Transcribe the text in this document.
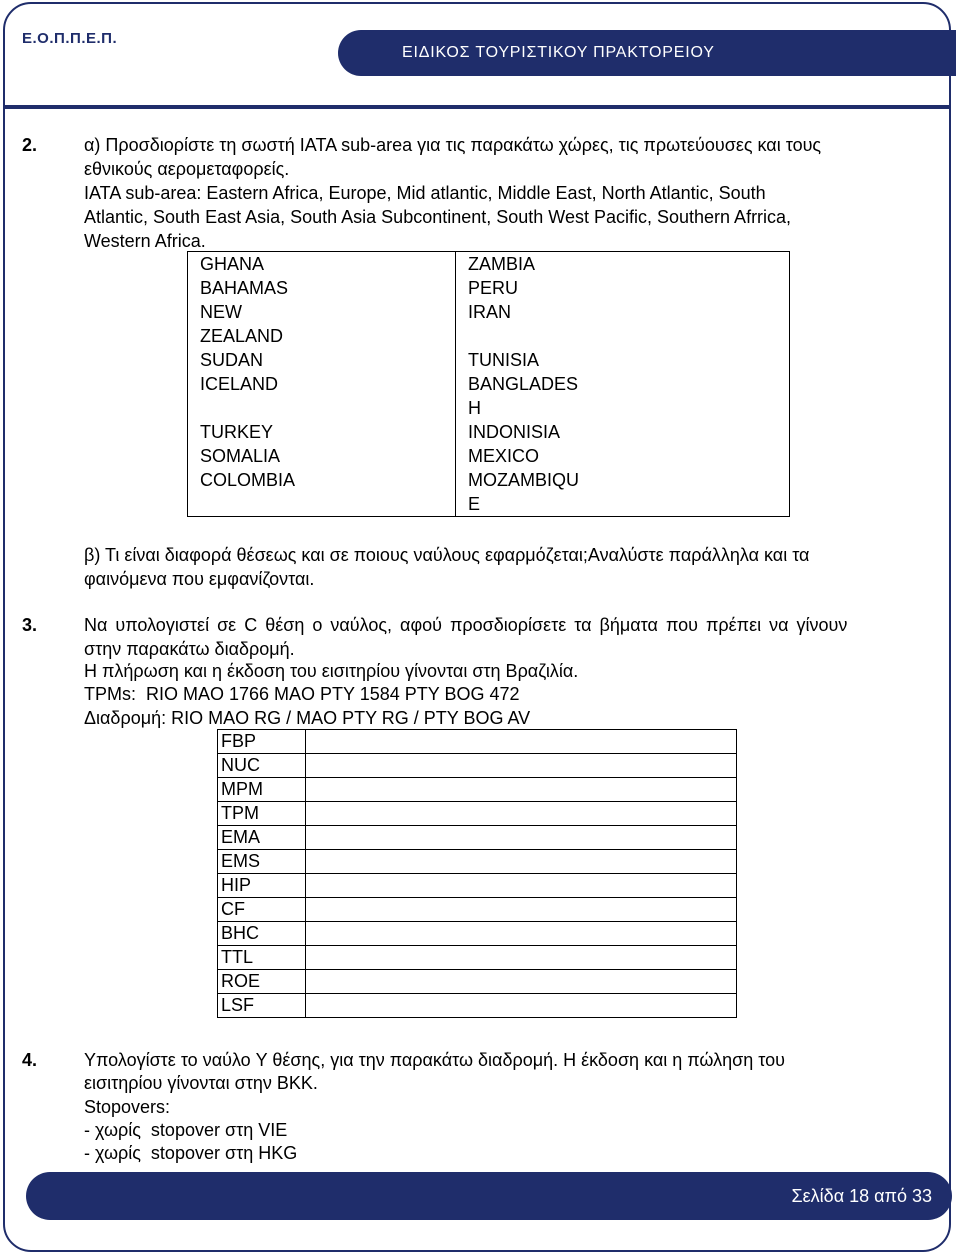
Ε.Ο.Π.Π.Ε.Π.
ΕΙΔΙΚΟΣ ΤΟΥΡΙΣΤΙΚΟΥ ΠΡΑΚΤΟΡΕΙΟΥ
2.	α) Προσδιορίστε τη σωστή ΙΑΤΑ sub-area για τις παρακάτω χώρες, τις πρωτεύουσες και τους
εθνικούς αερομεταφορείς.
IATA sub-area: Eastern Africa, Europe, Mid atlantic, Middle East, North Atlantic, South
Atlantic, South East Asia, South Asia Subcontinent, South West Pacific, Southern Afrrica,
Western Africa.
GHANA	ZAMBIA
BAHAMAS	PERU
NEW
ZEALAND	IRAN
SUDAN	TUNISIA
ICELAND	BANGLADES
H
TURKEY	INDONISIA
SOMALIA	MEXICO
COLOMBIA	MOZAMBIQU
E
β) Τι είναι διαφορά θέσεως και σε ποιους ναύλους εφαρμόζεται;Αναλύστε παράλληλα και τα
φαινόμενα που εμφανίζονται.
3.	Να υπολογιστεί σε C θέση ο ναύλος, αφού προσδιορίσετε τα βήματα που πρέπει να γίνουν
στην παρακάτω διαδρομή.
Η πλήρωση και η έκδοση του εισιτηρίου γίνονται στη Βραζιλία.
TPMs:  RIO MAO 1766 MAO PTY 1584 PTY BOG 472
Διαδρομή: RIO MAO RG / MAO PTY RG / PTY BOG AV
FBP	
NUC	
MPM	
TPM	
EMA	
EMS	
HIP	
CF	
BHC	
TTL	
ROE	
LSF	
4.	Υπολογίστε το ναύλο Y θέσης, για την παρακάτω διαδρομή. Η έκδοση και η πώληση του
εισιτηρίου γίνονται στην BKK.
Stopovers:
- χωρίς  stopover στη VIE
- χωρίς  stopover στη HKG
Σελίδα 18 από 33
